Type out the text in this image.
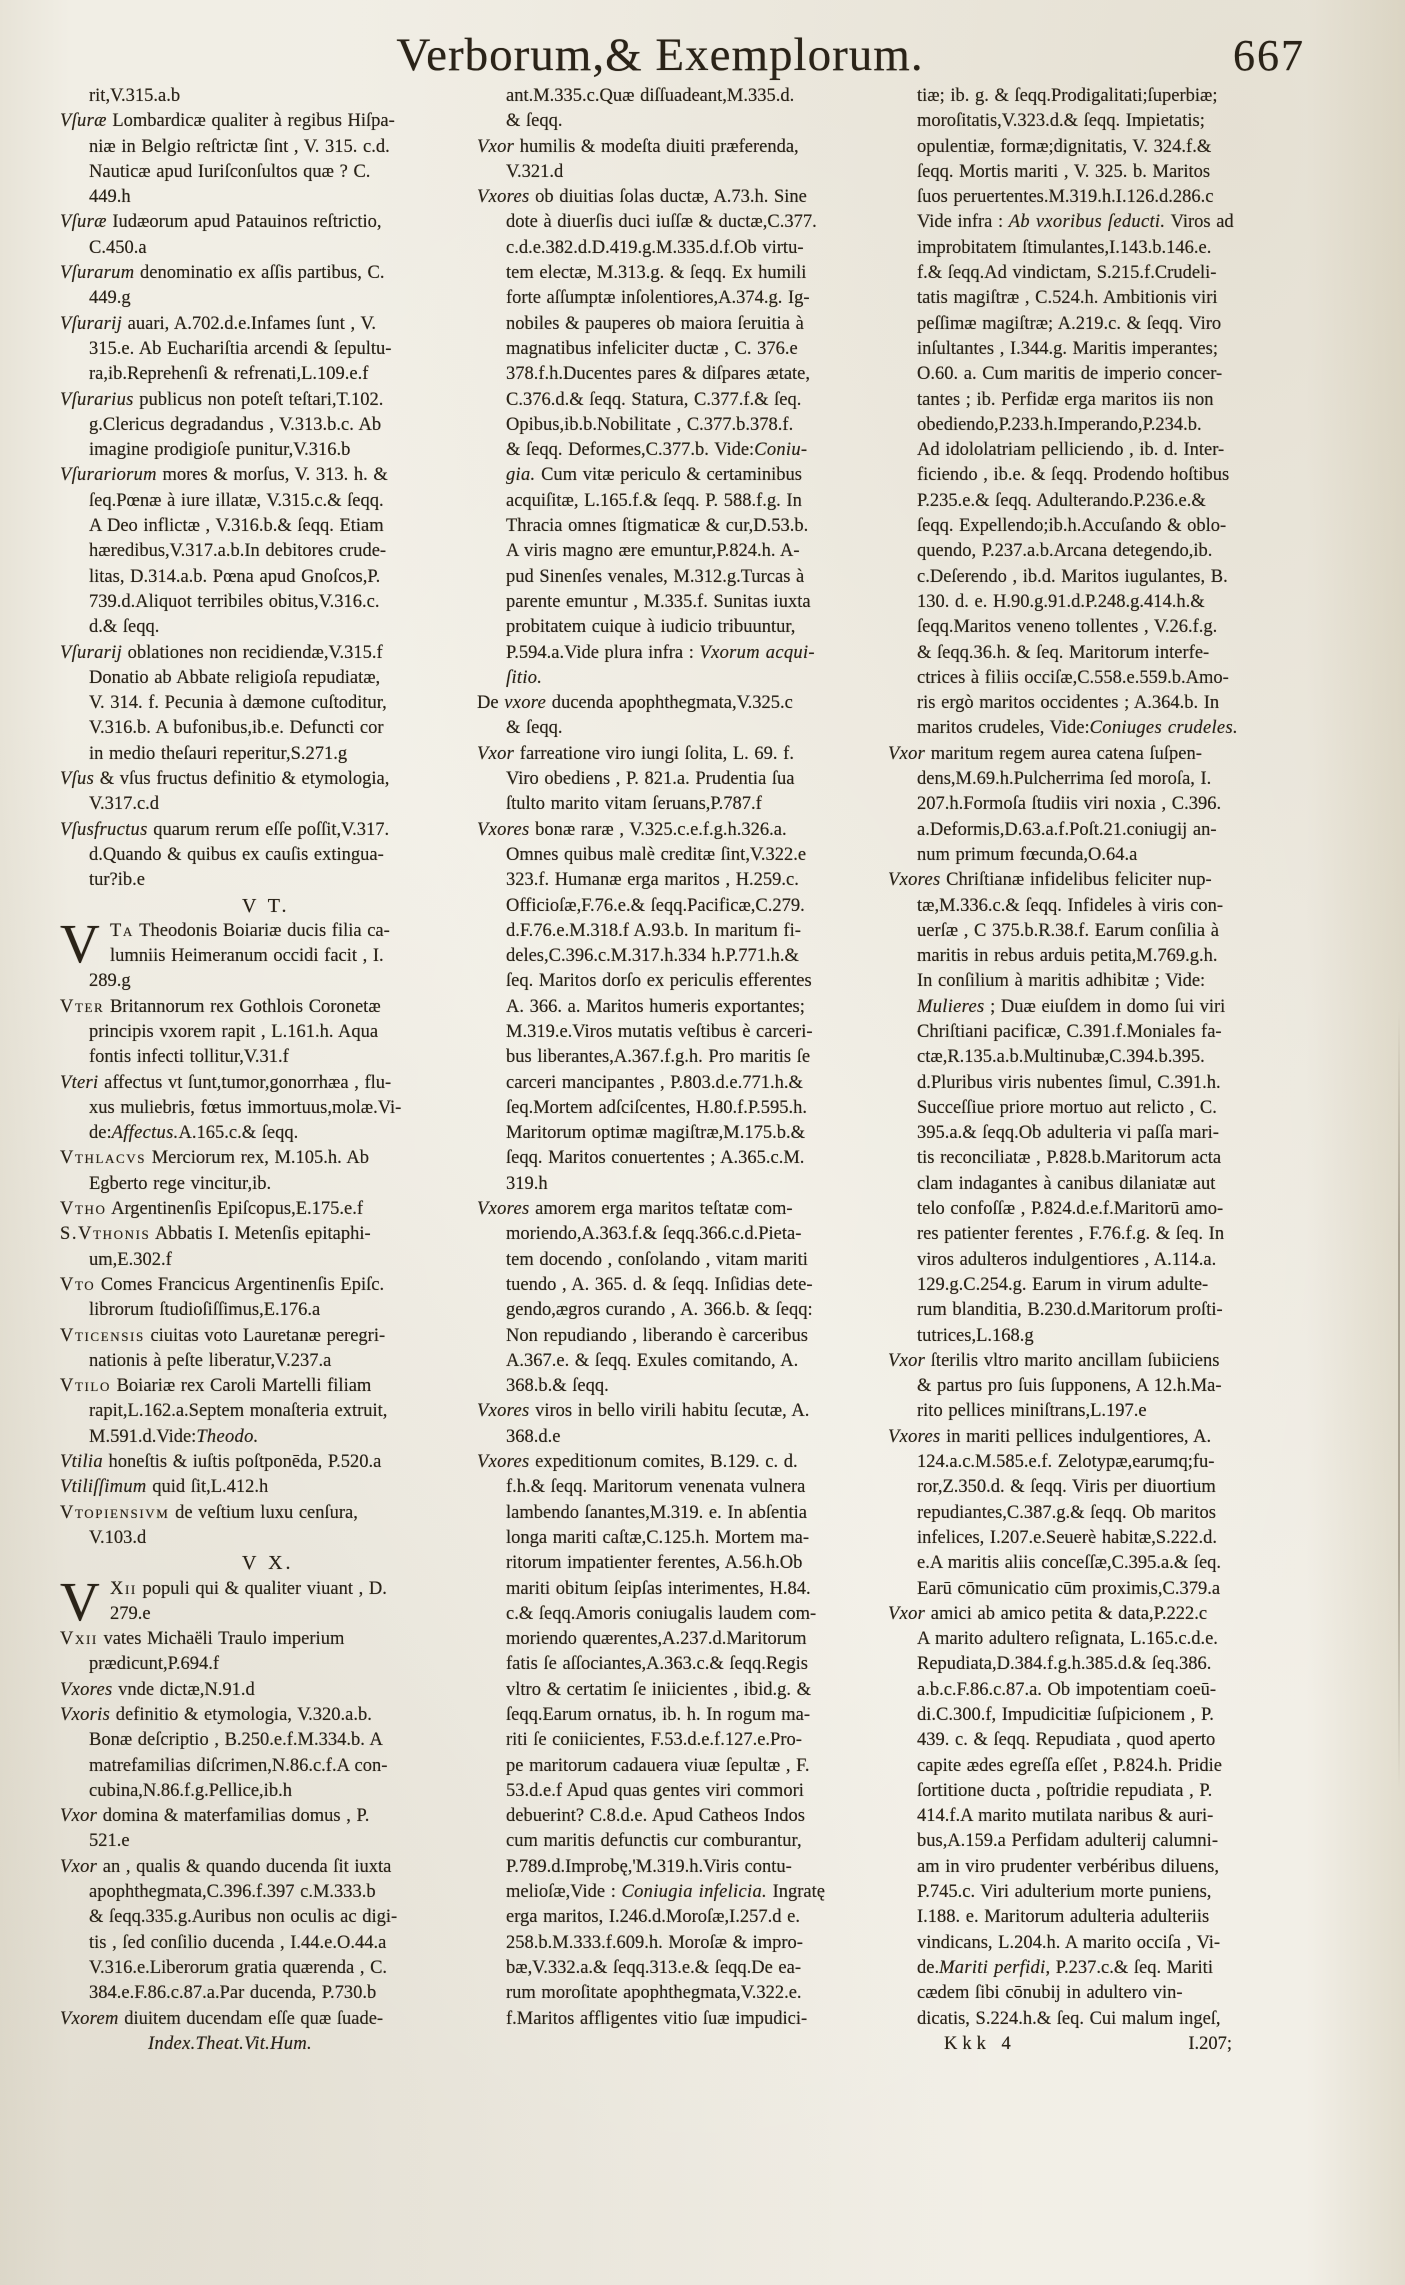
Verborum,& Exemplorum.	667
rit,V.315.a.b
Vſuræ Lombardicæ qualiter à regibus Hiſpa-
niæ in Belgio reſtrictæ ſint , V. 315. c.d.
Nauticæ apud Iuriſconſultos quæ ? C.
449.h
Vſuræ Iudæorum apud Patauinos reſtrictio,
C.450.a
Vſurarum denominatio ex aſſis partibus, C.
449.g
Vſurarij auari, A.702.d.e.Infames ſunt , V.
315.e. Ab Euchariſtia arcendi & ſepultu-
ra,ib.Reprehenſi & refrenati,L.109.e.f
Vſurarius publicus non poteſt teſtari,T.102.
g.Clericus degradandus , V.313.b.c. Ab
imagine prodigioſe punitur,V.316.b
Vſurariorum mores & morſus, V. 313. h. &
ſeq.Pœnæ à iure illatæ, V.315.c.& ſeqq.
A Deo inflictæ , V.316.b.& ſeqq. Etiam
hæredibus,V.317.a.b.In debitores crude-
litas, D.314.a.b. Pœna apud Gnoſcos,P.
739.d.Aliquot terribiles obitus,V.316.c.
d.& ſeqq.
Vſurarij oblationes non recidiendæ,V.315.f
Donatio ab Abbate religioſa repudiatæ,
V. 314. f. Pecunia à dæmone cuſtoditur,
V.316.b. A bufonibus,ib.e. Defuncti cor
in medio theſauri reperitur,S.271.g
Vſus & vſus fructus definitio & etymologia,
V.317.c.d
Vſusfructus quarum rerum eſſe poſſit,V.317.
d.Quando & quibus ex cauſis extingua-
tur?ib.e
V T.
V Ta Theodonis Boiariæ ducis filia ca-
lumniis Heimeranum occidi facit , I.
289.g
Vter Britannorum rex Gothlois Coronetæ
principis vxorem rapit , L.161.h. Aqua
fontis infecti tollitur,V.31.f
Vteri affectus vt ſunt,tumor,gonorrhæa , flu-
xus muliebris, fœtus immortuus,molæ.Vi-
de:Affectus.A.165.c.& ſeqq.
Vthlacvs Merciorum rex, M.105.h. Ab
Egberto rege vincitur,ib.
Vtho Argentinenſis Epiſcopus,E.175.e.f
S.Vthonis Abbatis I. Metenſis epitaphi-
um,E.302.f
Vto Comes Francicus Argentinenſis Epiſc.
librorum ſtudioſiſſimus,E.176.a
Vticensis ciuitas voto Lauretanæ peregri-
nationis à peſte liberatur,V.237.a
Vtilo Boiariæ rex Caroli Martelli filiam
rapit,L.162.a.Septem monaſteria extruit,
M.591.d.Vide:Theodo.
Vtilia honeſtis & iuſtis poſtponēda, P.520.a
Vtiliſſimum quid ſit,L.412.h
Vtopiensivm de veſtium luxu cenſura,
V.103.d
V X.
V Xii populi qui & qualiter viuant , D.
279.e
Vxii vates Michaëli Traulo imperium
prædicunt,P.694.f
Vxores vnde dictæ,N.91.d
Vxoris definitio & etymologia, V.320.a.b.
Bonæ deſcriptio , B.250.e.f.M.334.b. A
matrefamilias diſcrimen,N.86.c.f.A con-
cubina,N.86.f.g.Pellice,ib.h
Vxor domina & materfamilias domus , P.
521.e
Vxor an , qualis & quando ducenda ſit iuxta
apophthegmata,C.396.f.397 c.M.333.b
& ſeqq.335.g.Auribus non oculis ac digi-
tis , ſed conſilio ducenda , I.44.e.O.44.a
V.316.e.Liberorum gratia quærenda , C.
384.e.F.86.c.87.a.Par ducenda, P.730.b
Vxorem diuitem ducendam eſſe quæ ſuade-
Index.Theat.Vit.Hum.
ant.M.335.c.Quæ diſſuadeant,M.335.d.
& ſeqq.
Vxor humilis & modeſta diuiti præferenda,
V.321.d
Vxores ob diuitias ſolas ductæ, A.73.h. Sine
dote à diuerſis duci iuſſæ & ductæ,C.377.
c.d.e.382.d.D.419.g.M.335.d.f.Ob virtu-
tem electæ, M.313.g. & ſeqq. Ex humili
forte aſſumptæ inſolentiores,A.374.g. Ig-
nobiles & pauperes ob maiora ſeruitia à
magnatibus infeliciter ductæ , C. 376.e
378.f.h.Ducentes pares & diſpares ætate,
C.376.d.& ſeqq. Statura, C.377.f.& ſeq.
Opibus,ib.b.Nobilitate , C.377.b.378.f.
& ſeqq. Deformes,C.377.b. Vide:Coniu-
gia. Cum vitæ periculo & certaminibus
acquiſitæ, L.165.f.& ſeqq. P. 588.f.g. In
Thracia omnes ſtigmaticæ & cur,D.53.b.
A viris magno ære emuntur,P.824.h. A-
pud Sinenſes venales, M.312.g.Turcas à
parente emuntur , M.335.f. Sunitas iuxta
probitatem cuique à iudicio tribuuntur,
P.594.a.Vide plura infra : Vxorum acqui-
ſitio.
De vxore ducenda apophthegmata,V.325.c
& ſeqq.
Vxor farreatione viro iungi ſolita, L. 69. f.
Viro obediens , P. 821.a. Prudentia ſua
ſtulto marito vitam ſeruans,P.787.f
Vxores bonæ raræ , V.325.c.e.f.g.h.326.a.
Omnes quibus malè creditæ ſint,V.322.e
323.f. Humanæ erga maritos , H.259.c.
Officioſæ,F.76.e.& ſeqq.Pacificæ,C.279.
d.F.76.e.M.318.f A.93.b. In maritum fi-
deles,C.396.c.M.317.h.334 h.P.771.h.&
ſeq. Maritos dorſo ex periculis efferentes
A. 366. a. Maritos humeris exportantes;
M.319.e.Viros mutatis veſtibus è carceri-
bus liberantes,A.367.f.g.h. Pro maritis ſe
carceri mancipantes , P.803.d.e.771.h.&
ſeq.Mortem adſciſcentes, H.80.f.P.595.h.
Maritorum optimæ magiſtræ,M.175.b.&
ſeqq. Maritos conuertentes ; A.365.c.M.
319.h
Vxores amorem erga maritos teſtatæ com-
moriendo,A.363.f.& ſeqq.366.c.d.Pieta-
tem docendo , conſolando , vitam mariti
tuendo , A. 365. d. & ſeqq. Inſidias dete-
gendo,ægros curando , A. 366.b. & ſeqq:
Non repudiando , liberando è carceribus
A.367.e. & ſeqq. Exules comitando, A.
368.b.& ſeqq.
Vxores viros in bello virili habitu ſecutæ, A.
368.d.e
Vxores expeditionum comites, B.129. c. d.
f.h.& ſeqq. Maritorum venenata vulnera
lambendo ſanantes,M.319. e. In abſentia
longa mariti caſtæ,C.125.h. Mortem ma-
ritorum impatienter ferentes, A.56.h.Ob
mariti obitum ſeipſas interimentes, H.84.
c.& ſeqq.Amoris coniugalis laudem com-
moriendo quærentes,A.237.d.Maritorum
fatis ſe aſſociantes,A.363.c.& ſeqq.Regis
vltro & certatim ſe iniicientes , ibid.g. &
ſeqq.Earum ornatus, ib. h. In rogum ma-
riti ſe coniicientes, F.53.d.e.f.127.e.Pro-
pe maritorum cadauera viuæ ſepultæ , F.
53.d.e.f Apud quas gentes viri commori
debuerint? C.8.d.e. Apud Catheos Indos
cum maritis defunctis cur comburantur,
P.789.d.Improbę,'M.319.h.Viris contu-
melioſæ,Vide : Coniugia infelicia. Ingratę
erga maritos, I.246.d.Moroſæ,I.257.d e.
258.b.M.333.f.609.h. Moroſæ & impro-
bæ,V.332.a.& ſeqq.313.e.& ſeqq.De ea-
rum moroſitate apophthegmata,V.322.e.
f.Maritos affligentes vitio ſuæ impudici-
tiæ; ib. g. & ſeqq.Prodigalitati;ſuperbiæ;
moroſitatis,V.323.d.& ſeqq. Impietatis;
opulentiæ, formæ;dignitatis, V. 324.f.&
ſeqq. Mortis mariti , V. 325. b. Maritos
ſuos peruertentes.M.319.h.I.126.d.286.c
Vide infra : Ab vxoribus ſeducti. Viros ad
improbitatem ſtimulantes,I.143.b.146.e.
f.& ſeqq.Ad vindictam, S.215.f.Crudeli-
tatis magiſtræ , C.524.h. Ambitionis viri
peſſimæ magiſtræ; A.219.c. & ſeqq. Viro
inſultantes , I.344.g. Maritis imperantes;
O.60. a. Cum maritis de imperio concer-
tantes ; ib. Perfidæ erga maritos iis non
obediendo,P.233.h.Imperando,P.234.b.
Ad idololatriam pelliciendo , ib. d. Inter-
ficiendo , ib.e. & ſeqq. Prodendo hoſtibus
P.235.e.& ſeqq. Adulterando.P.236.e.&
ſeqq. Expellendo;ib.h.Accuſando & oblo-
quendo, P.237.a.b.Arcana detegendo,ib.
c.Deſerendo , ib.d. Maritos iugulantes, B.
130. d. e. H.90.g.91.d.P.248.g.414.h.&
ſeqq.Maritos veneno tollentes , V.26.f.g.
& ſeqq.36.h. & ſeq. Maritorum interfe-
ctrices à filiis occiſæ,C.558.e.559.b.Amo-
ris ergò maritos occidentes ; A.364.b. In
maritos crudeles, Vide:Coniuges crudeles.
Vxor maritum regem aurea catena ſuſpen-
dens,M.69.h.Pulcherrima ſed moroſa, I.
207.h.Formoſa ſtudiis viri noxia , C.396.
a.Deformis,D.63.a.f.Poſt.21.coniugij an-
num primum fœcunda,O.64.a
Vxores Chriſtianæ infidelibus feliciter nup-
tæ,M.336.c.& ſeqq. Infideles à viris con-
uerſæ , C 375.b.R.38.f. Earum conſilia à
maritis in rebus arduis petita,M.769.g.h.
In conſilium à maritis adhibitæ ; Vide:
Mulieres ; Duæ eiuſdem in domo ſui viri
Chriſtiani pacificæ, C.391.f.Moniales fa-
ctæ,R.135.a.b.Multinubæ,C.394.b.395.
d.Pluribus viris nubentes ſimul, C.391.h.
Succeſſiue priore mortuo aut relicto , C.
395.a.& ſeqq.Ob adulteria vi paſſa mari-
tis reconciliatæ , P.828.b.Maritorum acta
clam indagantes à canibus dilaniatæ aut
telo confoſſæ , P.824.d.e.f.Maritorū amo-
res patienter ferentes , F.76.f.g. & ſeq. In
viros adulteros indulgentiores , A.114.a.
129.g.C.254.g. Earum in virum adulte-
rum blanditia, B.230.d.Maritorum proſti-
tutrices,L.168.g
Vxor ſterilis vltro marito ancillam ſubiiciens
& partus pro ſuis ſupponens, A 12.h.Ma-
rito pellices miniſtrans,L.197.e
Vxores in mariti pellices indulgentiores, A.
124.a.c.M.585.e.f. Zelotypæ,earumq;fu-
ror,Z.350.d. & ſeqq. Viris per diuortium
repudiantes,C.387.g.& ſeqq. Ob maritos
infelices, I.207.e.Seuerè habitæ,S.222.d.
e.A maritis aliis conceſſæ,C.395.a.& ſeq.
Earū cōmunicatio cūm proximis,C.379.a
Vxor amici ab amico petita & data,P.222.c
A marito adultero reſignata, L.165.c.d.e.
Repudiata,D.384.f.g.h.385.d.& ſeq.386.
a.b.c.F.86.c.87.a. Ob impotentiam coeū-
di.C.300.f, Impudicitiæ ſuſpicionem , P.
439. c. & ſeqq. Repudiata , quod aperto
capite ædes egreſſa eſſet , P.824.h. Pridie
ſortitione ducta , poſtridie repudiata , P.
414.f.A marito mutilata naribus & auri-
bus,A.159.a Perfidam adulterij calumni-
am in viro prudenter verbéribus diluens,
P.745.c. Viri adulterium morte puniens,
I.188. e. Maritorum adulteria adulteriis
vindicans, L.204.h. A marito occiſa , Vi-
de.Mariti perfidi, P.237.c.& ſeq. Mariti
cædem ſibi cōnubij in adultero vin-
dicatis, S.224.h.& ſeq. Cui malum ingeſ,
Kkk 4	I.207;
